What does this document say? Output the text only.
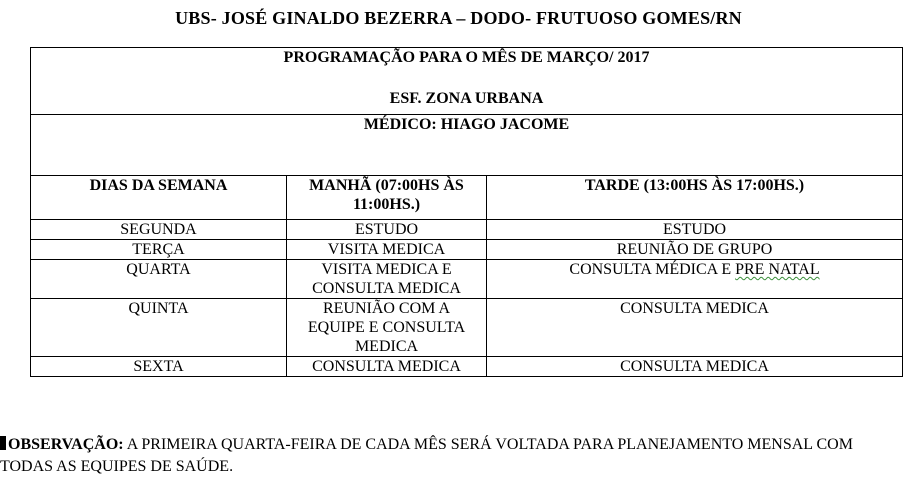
UBS- JOSÉ GINALDO BEZERRA – DODO- FRUTUOSO GOMES/RN
PROGRAMAÇÃO PARA O MÊS DE MARÇO/ 2017
ESF. ZONA URBANA		
MÉDICO: HIAGO JACOME		
DIAS DA SEMANA	MANHÃ (07:00HS ÀS 11:00HS.)	TARDE (13:00HS ÀS 17:00HS.)
SEGUNDA	ESTUDO	ESTUDO
TERÇA	VISITA MEDICA	REUNIÃO DE GRUPO
QUARTA	VISITA MEDICA E CONSULTA MEDICA	CONSULTA MÉDICA E PRE NATAL
QUINTA	REUNIÃO COM A EQUIPE E CONSULTA MEDICA	CONSULTA MEDICA
SEXTA	CONSULTA MEDICA	CONSULTA MEDICA
OBSERVAÇÃO: A PRIMEIRA QUARTA-FEIRA DE CADA MÊS SERÁ VOLTADA PARA PLANEJAMENTO MENSAL COM TODAS AS EQUIPES DE SAÚDE.
